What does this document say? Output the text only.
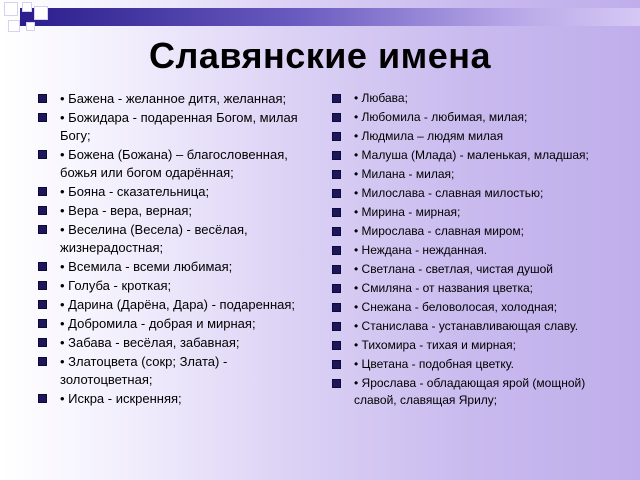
Славянские имена
• Бажена - желанное дитя, желанная;
• Божидара - подаренная Богом, милая Богу;
• Божена (Божана) – благословенная, божья или богом одарённая;
• Бояна - сказательница;
• Вера - вера, верная;
• Веселина (Весела) - весёлая, жизнерадостная;
• Всемила - всеми любимая;
• Голуба - кроткая;
• Дарина (Дарёна, Дара) - подаренная;
• Добромила - добрая и мирная;
• Забава - весёлая, забавная;
• Златоцвета (сокр; Злата) - золотоцветная;
• Искра - искренняя;
• Любава;
• Любомила - любимая, милая;
• Людмила – людям милая
• Малуша (Млада) - маленькая, младшая;
• Милана - милая;
• Милослава - славная милостью;
• Мирина - мирная;
• Мирослава - славная миром;
• Неждана - нежданная.
• Светлана - светлая, чистая душой
• Смиляна - от названия цветка;
• Снежана - беловолосая, холодная;
• Станислава - устанавливающая славу.
• Тихомира - тихая и мирная;
• Цветана - подобная цветку.
• Ярослава - обладающая ярой (мощной) славой, славящая Ярилу;
